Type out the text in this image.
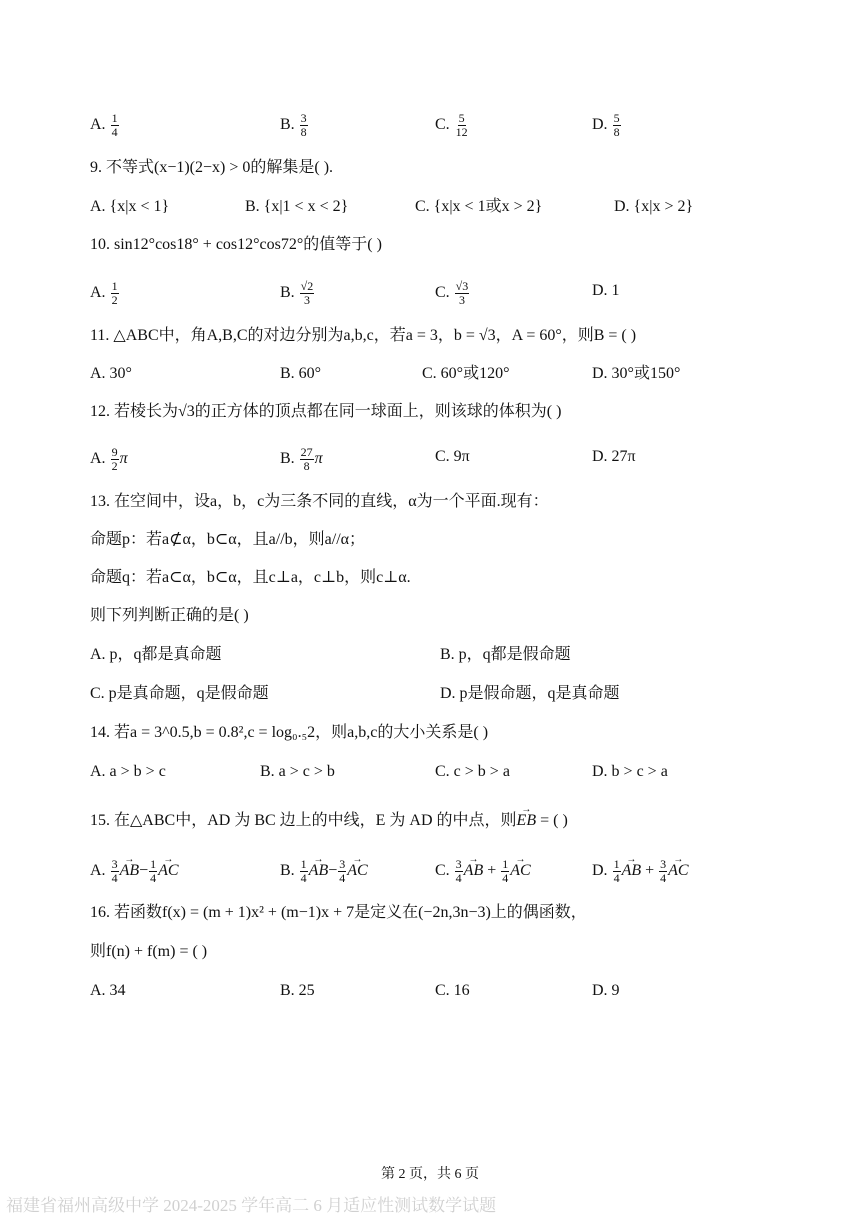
A. $\frac{1}{4}$	B. $\frac{3}{8}$	C. $\frac{5}{12}$	D. $\frac{5}{8}$
9. 不等式(x−1)(2−x) > 0的解集是( ).
A. {x|x < 1}	B. {x|1 < x < 2}	C. {x|x < 1或x > 2}	D. {x|x > 2}
10. sin12°cos18° + cos12°cos72°的值等于( )
A. $\frac{1}{2}$	B. $\frac{√2}{3}$	C. $\frac{√3}{3}$	D. 1
11. △ABC中，角A,B,C的对边分别为a,b,c，若a = 3，b = √3，A = 60°，则B = ( )
A. 30°	B. 60°	C. 60°或120°	D. 30°或150°
12. 若棱长为√3的正方体的顶点都在同一球面上，则该球的体积为( )
A. $\frac{9}{2}$ π	B. $\frac{27}{8}$ π	C. 9π	D. 27π
13. 在空间中，设a，b，c为三条不同的直线，α为一个平面.现有：
命题p：若a⊄α，b⊂α，且a//b，则a//α；
命题q：若a⊂α，b⊂α，且c⊥a，c⊥b，则c⊥α.
则下列判断正确的是( )
A. p，q都是真命题	B. p，q都是假命题
C. p是真命题，q是假命题	D. p是假命题，q是真命题
14. 若a = 3^0.5,b = 0.8²,c = log₀.₅2，则a,b,c的大小关系是( )
A. a > b > c	B. a > c > b	C. c > b > a	D. b > c > a
15. 在△ABC中，AD 为 BC 边上的中线，E 为 AD 的中点，则→ EB = ( )
A. $\frac{3}{4}$
→ $AB- \frac{1}{4}$
→ AC	B. $\frac{1}{4}$
→ $AB- \frac{3}{4}$
→ AC	C. $\frac{3}{4}$
→ AB + $\frac{1}{4}$
→ AC	D. $\frac{1}{4}$
→ AB + $\frac{3}{4}$
→ AC
16. 若函数f(x) = (m + 1)x² + (m−1)x + 7是定义在(−2n,3n−3)上的偶函数，
则f(n) + f(m) = ( )
A. 34	B. 25	C. 16	D. 9
第 2 页，共 6 页
福建省福州高级中学 2024-2025 学年高二 6 月适应性测试数学试题
